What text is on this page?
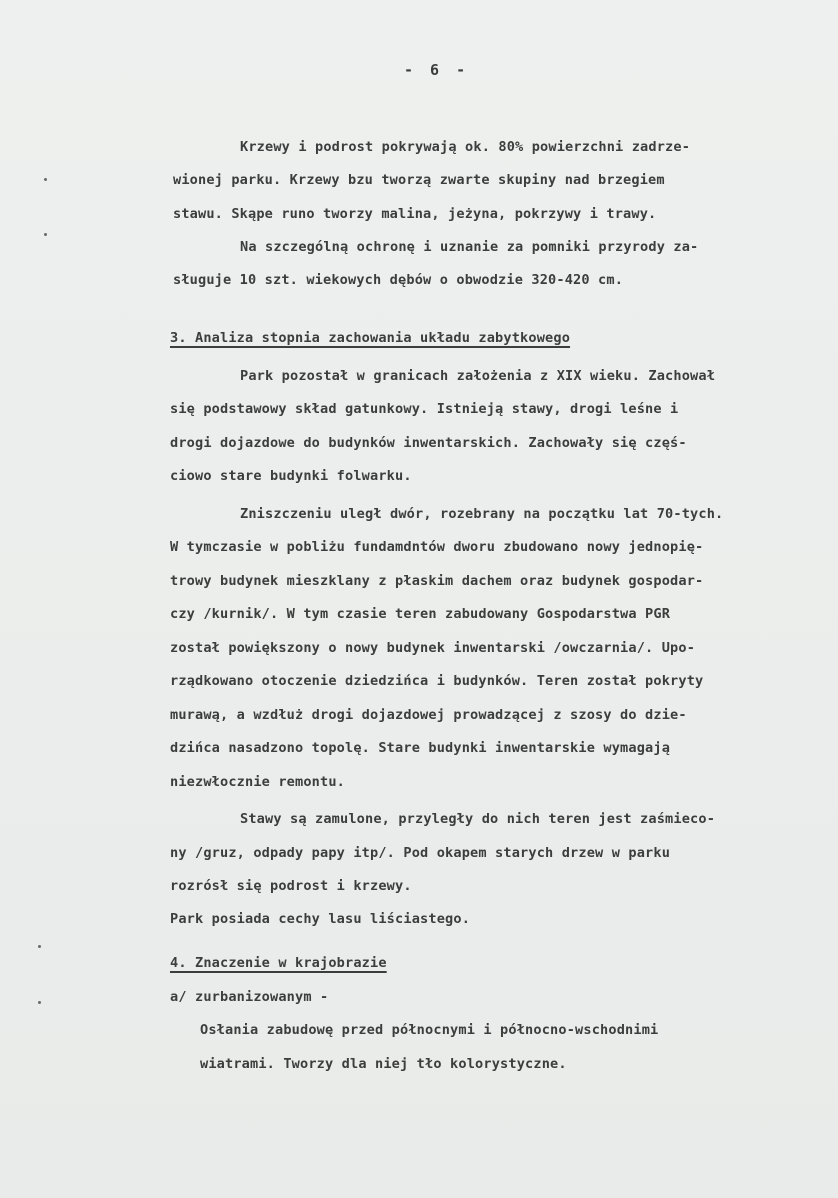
- 6 -
Krzewy i podrost pokrywają ok. 80% powierzchni zadrze-
wionej parku. Krzewy bzu tworzą zwarte skupiny nad brzegiem
stawu. Skąpe runo tworzy malina, jeżyna, pokrzywy i trawy.
Na szczególną ochronę i uznanie za pomniki przyrody za-
sługuje 10 szt. wiekowych dębów o obwodzie 320-420 cm.
3. Analiza stopnia zachowania układu zabytkowego
Park pozostał w granicach założenia z XIX wieku. Zachował
się podstawowy skład gatunkowy. Istnieją stawy, drogi leśne i
drogi dojazdowe do budynków inwentarskich. Zachowały się częś-
ciowo stare budynki folwarku.
Zniszczeniu uległ dwór, rozebrany na początku lat 70-tych.
W tymczasie w pobliżu fundamdntów dworu zbudowano nowy jednopię-
trowy budynek mieszklany z płaskim dachem oraz budynek gospodar-
czy /kurnik/. W tym czasie teren zabudowany Gospodarstwa PGR
został powiększony o nowy budynek inwentarski /owczarnia/. Upo-
rządkowano otoczenie dziedzińca i budynków. Teren został pokryty
murawą, a wzdłuż drogi dojazdowej prowadzącej z szosy do dzie-
dzińca nasadzono topolę. Stare budynki inwentarskie wymagają
niezwłocznie remontu.
Stawy są zamulone, przyległy do nich teren jest zaśmieco-
ny /gruz, odpady papy itp/. Pod okapem starych drzew w parku
rozrósł się podrost i krzewy.
Park posiada cechy lasu liściastego.
4. Znaczenie w krajobrazie
a/ zurbanizowanym -
Osłania zabudowę przed północnymi i północno-wschodnimi
wiatrami. Tworzy dla niej tło kolorystyczne.
